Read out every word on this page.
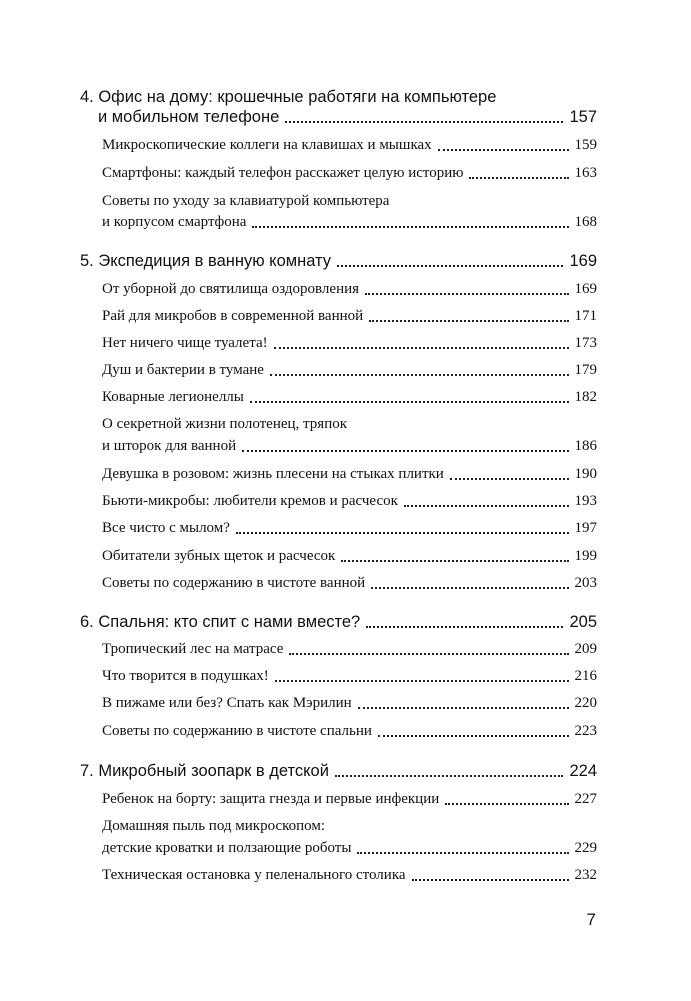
4. Офис на дому: крошечные работяги на компьютере
и мобильном телефоне	157
Микроскопические коллеги на клавишах и мышках	159
Смартфоны: каждый телефон расскажет целую историю	163
Советы по уходу за клавиатурой компьютера
и корпусом смартфона	168
5. Экспедиция в ванную комнату	169
От уборной до святилища оздоровления	169
Рай для микробов в современной ванной	171
Нет ничего чище туалета!	173
Душ и бактерии в тумане	179
Коварные легионеллы	182
О секретной жизни полотенец, тряпок
и шторок для ванной	186
Девушка в розовом: жизнь плесени на стыках плитки	190
Бьюти-микробы: любители кремов и расчесок	193
Все чисто с мылом?	197
Обитатели зубных щеток и расчесок	199
Советы по содержанию в чистоте ванной	203
6. Спальня: кто спит с нами вместе?	205
Тропический лес на матрасе	209
Что творится в подушках!	216
В пижаме или без? Спать как Мэрилин	220
Советы по содержанию в чистоте спальни	223
7. Микробный зоопарк в детской	224
Ребенок на борту: защита гнезда и первые инфекции	227
Домашняя пыль под микроскопом:
детские кроватки и ползающие роботы	229
Техническая остановка у пеленального столика	232
7
